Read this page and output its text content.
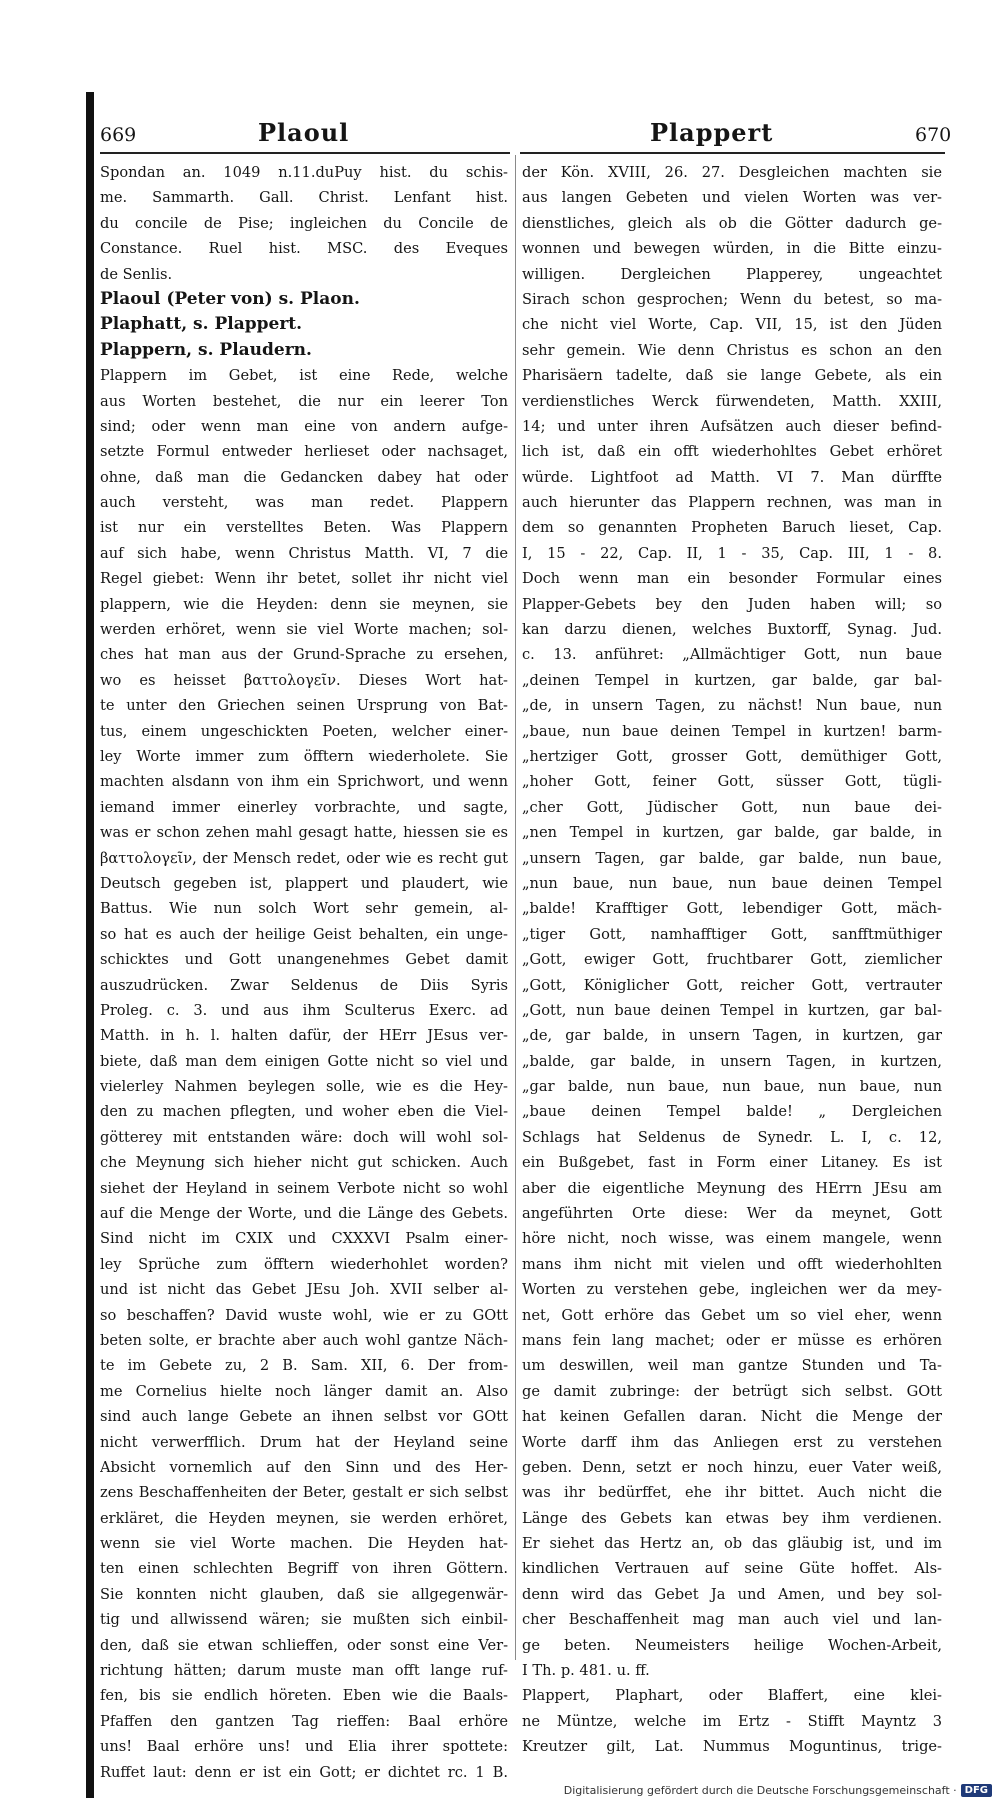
669	Plaoul	Plappert	670
Spondan an. 1049 n.11.duPuy hist. du schis-
me. Sammarth. Gall. Christ. Lenfant hist.
du concile de Pise; ingleichen du Concile de
Constance. Ruel hist. MSC. des Eveques
de Senlis.
Plaoul (Peter von) s. Plaon.
Plaphatt, s. Plappert.
Plappern, s. Plaudern.
Plappern im Gebet, ist eine Rede, welche
aus Worten bestehet, die nur ein leerer Ton
sind; oder wenn man eine von andern aufge-
setzte Formul entweder herlieset oder nachsaget,
ohne, daß man die Gedancken dabey hat oder
auch versteht, was man redet. Plappern
ist nur ein verstelltes Beten. Was Plappern
auf sich habe, wenn Christus Matth. VI, 7 die
Regel giebet: Wenn ihr betet, sollet ihr nicht viel
plappern, wie die Heyden: denn sie meynen, sie
werden erhöret, wenn sie viel Worte machen; sol-
ches hat man aus der Grund-Sprache zu ersehen,
wo es heisset βαττολογεῖν. Dieses Wort hat-
te unter den Griechen seinen Ursprung von Bat-
tus, einem ungeschickten Poeten, welcher einer-
ley Worte immer zum öfftern wiederholete. Sie
machten alsdann von ihm ein Sprichwort, und wenn
iemand immer einerley vorbrachte, und sagte,
was er schon zehen mahl gesagt hatte, hiessen sie es
βαττολογεῖν, der Mensch redet, oder wie es recht gut
Deutsch gegeben ist, plappert und plaudert, wie
Battus. Wie nun solch Wort sehr gemein, al-
so hat es auch der heilige Geist behalten, ein unge-
schicktes und Gott unangenehmes Gebet damit
auszudrücken. Zwar Seldenus de Diis Syris
Proleg. c. 3. und aus ihm Sculterus Exerc. ad
Matth. in h. l. halten dafür, der HErr JEsus ver-
biete, daß man dem einigen Gotte nicht so viel und
vielerley Nahmen beylegen solle, wie es die Hey-
den zu machen pflegten, und woher eben die Viel-
götterey mit entstanden wäre: doch will wohl sol-
che Meynung sich hieher nicht gut schicken. Auch
siehet der Heyland in seinem Verbote nicht so wohl
auf die Menge der Worte, und die Länge des Gebets.
Sind nicht im CXIX und CXXXVI Psalm einer-
ley Sprüche zum öfftern wiederhohlet worden?
und ist nicht das Gebet JEsu Joh. XVII selber al-
so beschaffen? David wuste wohl, wie er zu GOtt
beten solte, er brachte aber auch wohl gantze Näch-
te im Gebete zu, 2 B. Sam. XII, 6. Der from-
me Cornelius hielte noch länger damit an. Also
sind auch lange Gebete an ihnen selbst vor GOtt
nicht verwerfflich. Drum hat der Heyland seine
Absicht vornemlich auf den Sinn und des Her-
zens Beschaffenheiten der Beter, gestalt er sich selbst
erkläret, die Heyden meynen, sie werden erhöret,
wenn sie viel Worte machen. Die Heyden hat-
ten einen schlechten Begriff von ihren Göttern.
Sie konnten nicht glauben, daß sie allgegenwär-
tig und allwissend wären; sie mußten sich einbil-
den, daß sie etwan schlieffen, oder sonst eine Ver-
richtung hätten; darum muste man offt lange ruf-
fen, bis sie endlich höreten. Eben wie die Baals-
Pfaffen den gantzen Tag rieffen: Baal erhöre
uns! Baal erhöre uns! und Elia ihrer spottete:
Ruffet laut: denn er ist ein Gott; er dichtet rc. 1 B.
der Kön. XVIII, 26. 27. Desgleichen machten sie
aus langen Gebeten und vielen Worten was ver-
dienstliches, gleich als ob die Götter dadurch ge-
wonnen und bewegen würden, in die Bitte einzu-
willigen. Dergleichen Plapperey, ungeachtet
Sirach schon gesprochen; Wenn du betest, so ma-
che nicht viel Worte, Cap. VII, 15, ist den Jüden
sehr gemein. Wie denn Christus es schon an den
Pharisäern tadelte, daß sie lange Gebete, als ein
verdienstliches Werck fürwendeten, Matth. XXIII,
14; und unter ihren Aufsätzen auch dieser befind-
lich ist, daß ein offt wiederhohltes Gebet erhöret
würde. Lightfoot ad Matth. VI 7. Man dürffte
auch hierunter das Plappern rechnen, was man in
dem so genannten Propheten Baruch lieset, Cap.
I, 15 - 22, Cap. II, 1 - 35, Cap. III, 1 - 8.
Doch wenn man ein besonder Formular eines
Plapper-Gebets bey den Juden haben will; so
kan darzu dienen, welches Buxtorff, Synag. Jud.
c. 13. anführet: „Allmächtiger Gott, nun baue
„deinen Tempel in kurtzen, gar balde, gar bal-
„de, in unsern Tagen, zu nächst! Nun baue, nun
„baue, nun baue deinen Tempel in kurtzen! barm-
„hertziger Gott, grosser Gott, demüthiger Gott,
„hoher Gott, feiner Gott, süsser Gott, tügli-
„cher Gott, Jüdischer Gott, nun baue dei-
„nen Tempel in kurtzen, gar balde, gar balde, in
„unsern Tagen, gar balde, gar balde, nun baue,
„nun baue, nun baue, nun baue deinen Tempel
„balde! Krafftiger Gott, lebendiger Gott, mäch-
„tiger Gott, namhafftiger Gott, sanfftmüthiger
„Gott, ewiger Gott, fruchtbarer Gott, ziemlicher
„Gott, Königlicher Gott, reicher Gott, vertrauter
„Gott, nun baue deinen Tempel in kurtzen, gar bal-
„de, gar balde, in unsern Tagen, in kurtzen, gar
„balde, gar balde, in unsern Tagen, in kurtzen,
„gar balde, nun baue, nun baue, nun baue, nun
„baue deinen Tempel balde! „ Dergleichen
Schlags hat Seldenus de Synedr. L. I, c. 12,
ein Bußgebet, fast in Form einer Litaney. Es ist
aber die eigentliche Meynung des HErrn JEsu am
angeführten Orte diese: Wer da meynet, Gott
höre nicht, noch wisse, was einem mangele, wenn
mans ihm nicht mit vielen und offt wiederhohlten
Worten zu verstehen gebe, ingleichen wer da mey-
net, Gott erhöre das Gebet um so viel eher, wenn
mans fein lang machet; oder er müsse es erhören
um deswillen, weil man gantze Stunden und Ta-
ge damit zubringe: der betrügt sich selbst. GOtt
hat keinen Gefallen daran. Nicht die Menge der
Worte darff ihm das Anliegen erst zu verstehen
geben. Denn, setzt er noch hinzu, euer Vater weiß,
was ihr bedürffet, ehe ihr bittet. Auch nicht die
Länge des Gebets kan etwas bey ihm verdienen.
Er siehet das Hertz an, ob das gläubig ist, und im
kindlichen Vertrauen auf seine Güte hoffet. Als-
denn wird das Gebet Ja und Amen, und bey sol-
cher Beschaffenheit mag man auch viel und lan-
ge beten. Neumeisters heilige Wochen-Arbeit,
I Th. p. 481. u. ff.
Plappert, Plaphart, oder Blaffert, eine klei-
ne Müntze, welche im Ertz - Stifft Mayntz 3
Kreutzer gilt, Lat. Nummus Moguntinus, trige-
Digitalisierung gefördert durch die Deutsche Forschungsgemeinschaft · DFG
